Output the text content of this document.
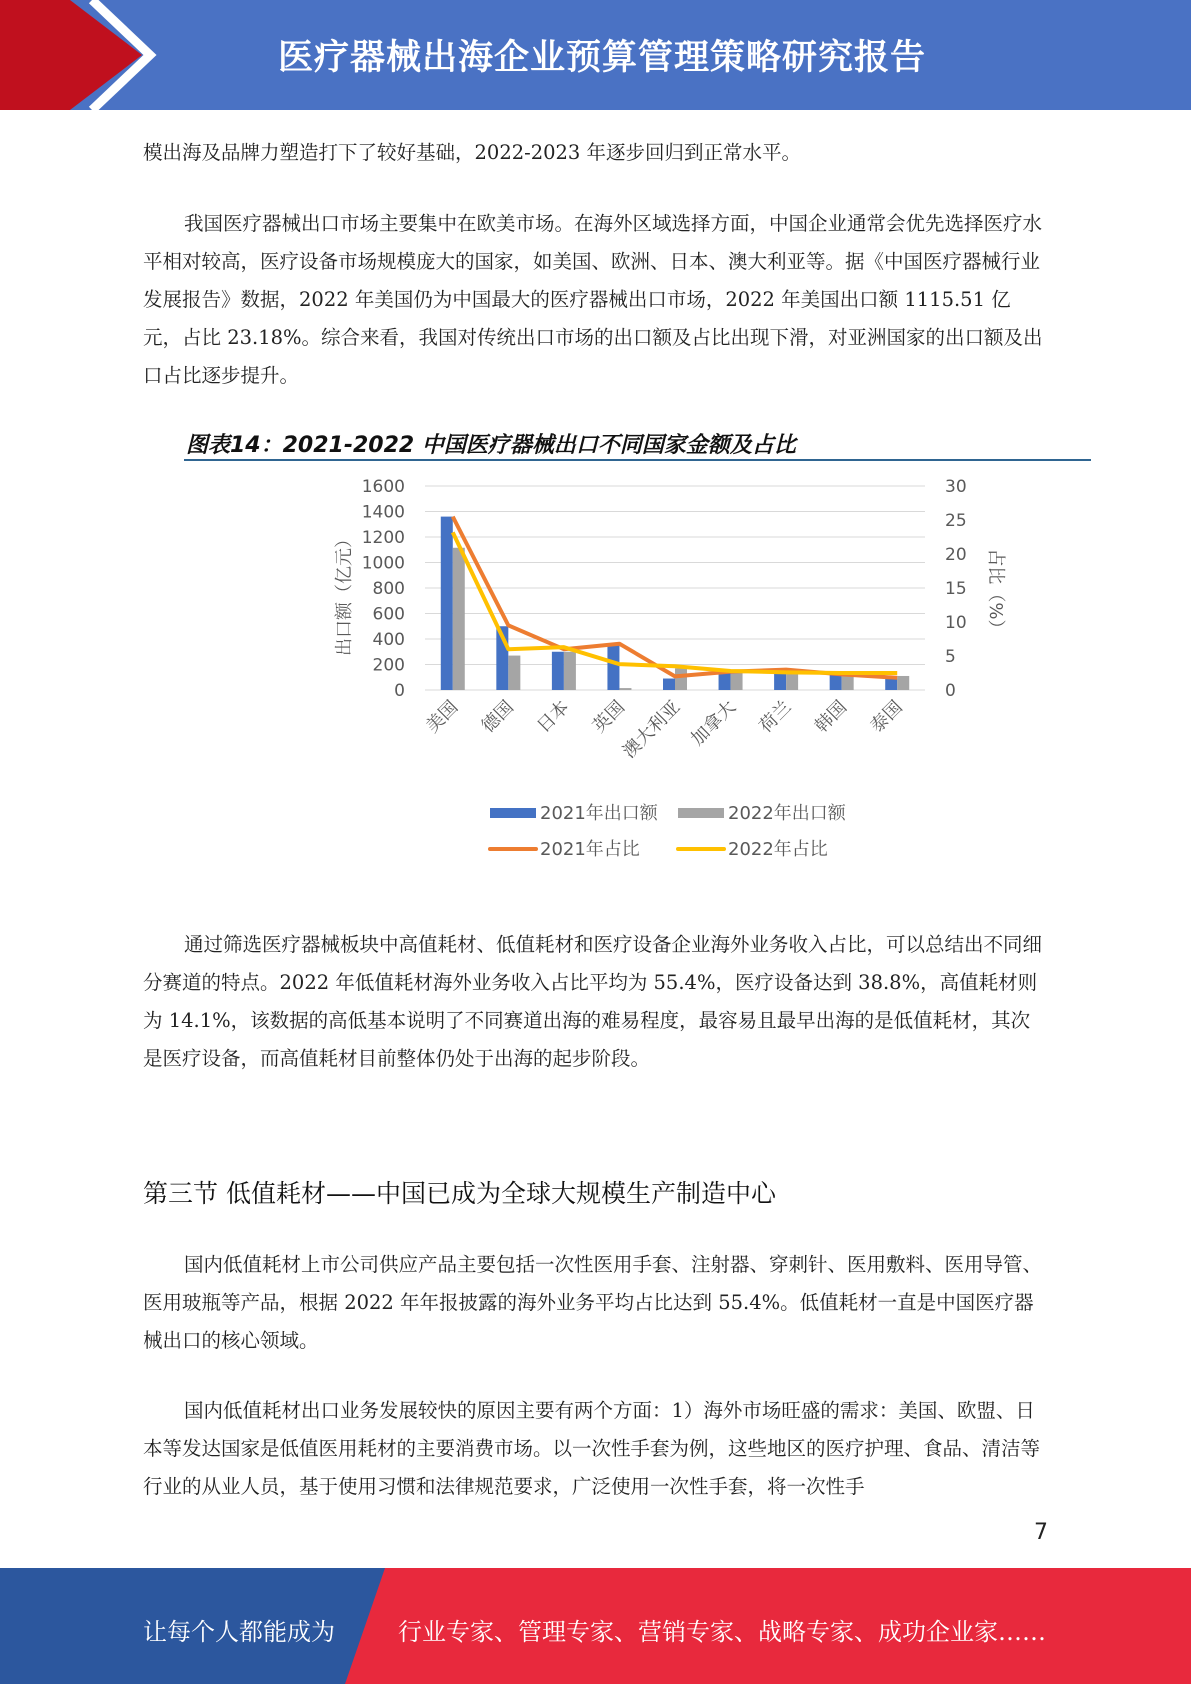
医疗器械出海企业预算管理策略研究报告

模出海及品牌力塑造打下了较好基础，2022-2023 年逐步回归到正常水平。

我国医疗器械出口市场主要集中在欧美市场。在海外区域选择方面，中国企业通常会优先选择医疗水平相对较高，医疗设备市场规模庞大的国家，如美国、欧洲、日本、澳大利亚等。据《中国医疗器械行业发展报告》数据，2022 年美国仍为中国最大的医疗器械出口市场，2022 年美国出口额 1115.51 亿元，占比 23.18%。综合来看，我国对传统出口市场的出口额及占比出现下滑，对亚洲国家的出口额及出口占比逐步提升。

图表14：2021-2022 中国医疗器械出口不同国家金额及占比
0
200
400
600
800
1000
1200
1400
1600
0
5
10
15
20
25
30
美国 德国 日本 英国
澳大利亚 加拿大 荷兰 韩国 泰国
出口额（亿元）	占比（%）
2021年出口额	2022年出口额
2021年占比	2022年占比

通过筛选医疗器械板块中高值耗材、低值耗材和医疗设备企业海外业务收入占比，可以总结出不同细分赛道的特点。2022 年低值耗材海外业务收入占比平均为 55.4%，医疗设备达到 38.8%，高值耗材则为 14.1%，该数据的高低基本说明了不同赛道出海的难易程度，最容易且最早出海的是低值耗材，其次是医疗设备，而高值耗材目前整体仍处于出海的起步阶段。

第三节 低值耗材——中国已成为全球大规模生产制造中心

国内低值耗材上市公司供应产品主要包括一次性医用手套、注射器、穿刺针、医用敷料、医用导管、医用玻瓶等产品，根据 2022 年年报披露的海外业务平均占比达到 55.4%。低值耗材一直是中国医疗器械出口的核心领域。

国内低值耗材出口业务发展较快的原因主要有两个方面：1）海外市场旺盛的需求：美国、欧盟、日本等发达国家是低值医用耗材的主要消费市场。以一次性手套为例，这些地区的医疗护理、食品、清洁等行业的从业人员，基于使用习惯和法律规范要求，广泛使用一次性手套，将一次性手

7
让每个人都能成为	行业专家、管理专家、营销专家、战略专家、成功企业家……
